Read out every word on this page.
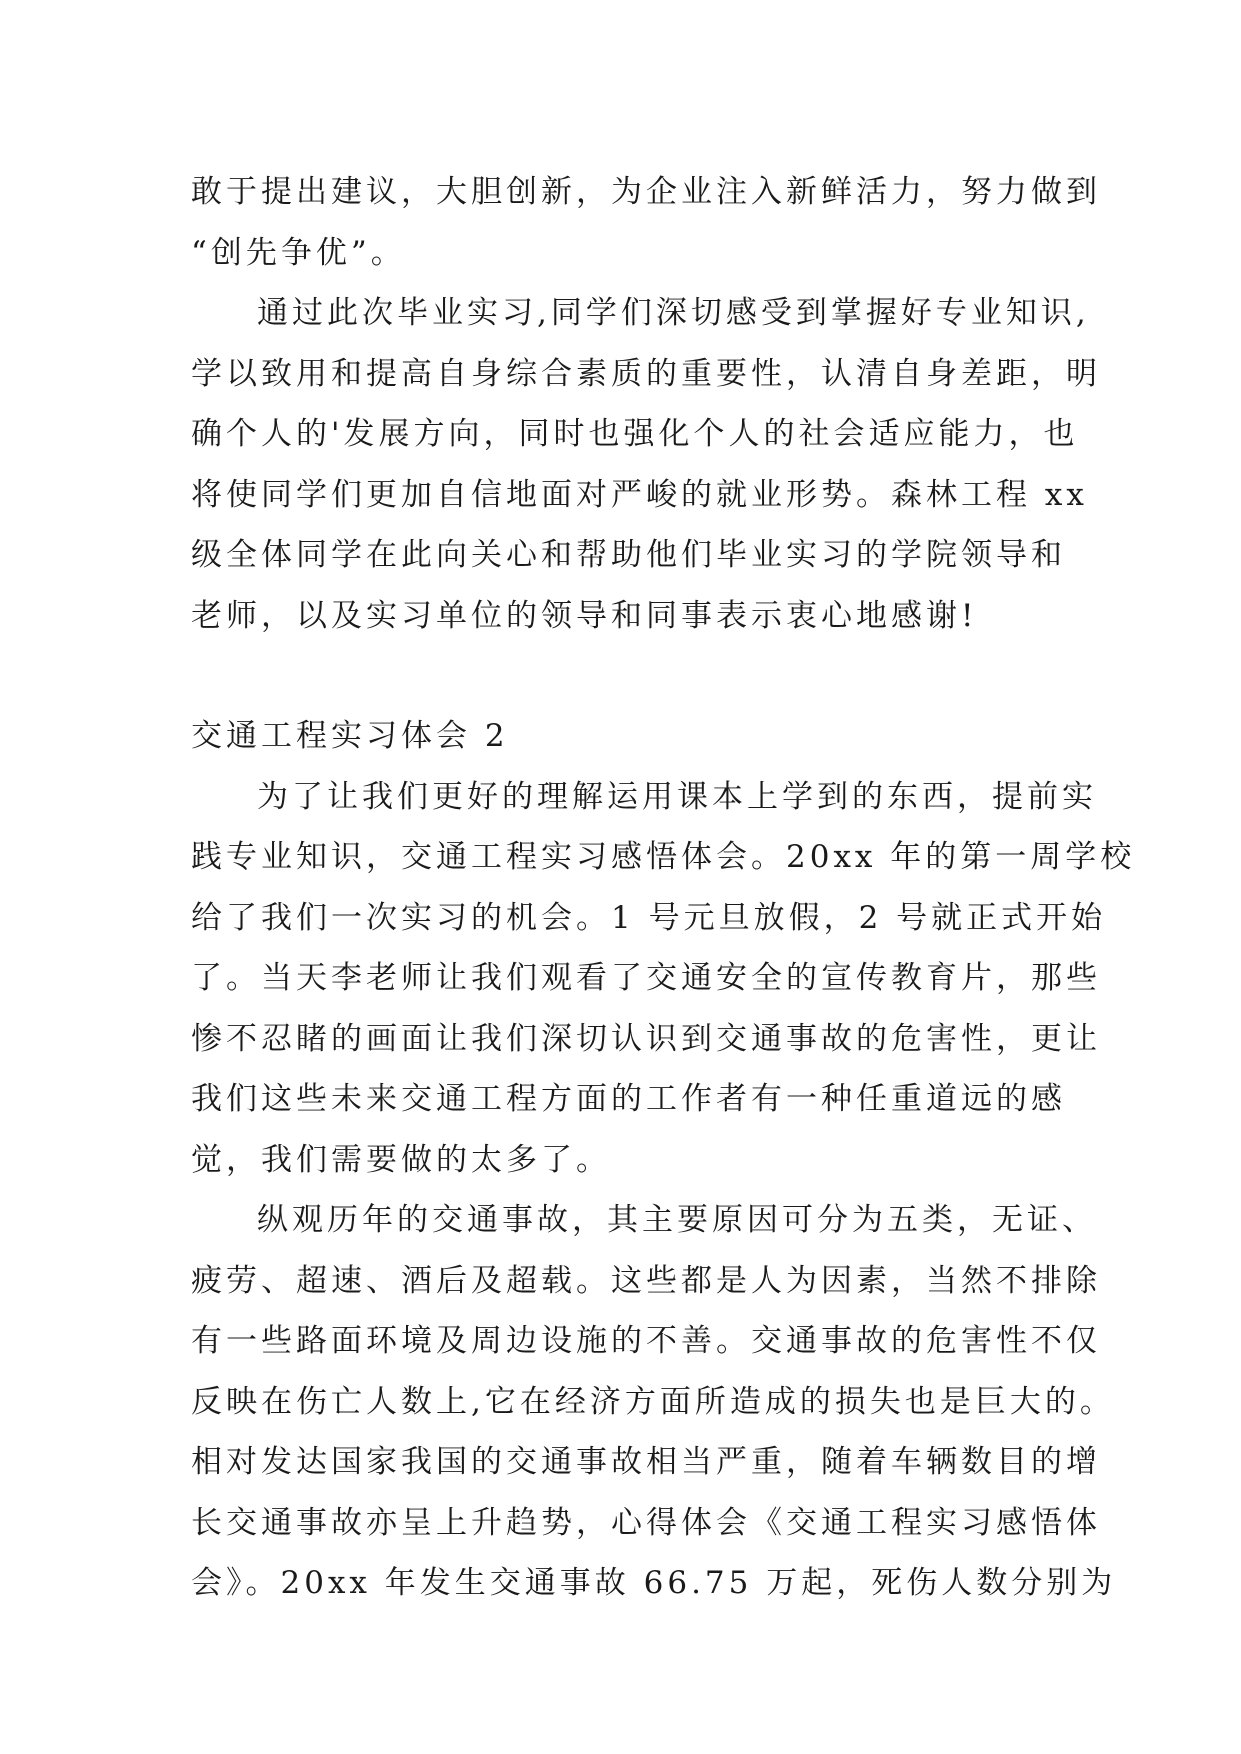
敢于提出建议，大胆创新，为企业注入新鲜活力，努力做到
“创先争优”。
通过此次毕业实习,同学们深切感受到掌握好专业知识,
学以致用和提高自身综合素质的重要性，认清自身差距，明
确个人的'发展方向，同时也强化个人的社会适应能力，也
将使同学们更加自信地面对严峻的就业形势。森林工程 xx
级全体同学在此向关心和帮助他们毕业实习的学院领导和
老师，以及实习单位的领导和同事表示衷心地感谢!
交通工程实习体会 2
为了让我们更好的理解运用课本上学到的东西，提前实
践专业知识，交通工程实习感悟体会。20xx 年的第一周学校
给了我们一次实习的机会。1 号元旦放假，2 号就正式开始
了。当天李老师让我们观看了交通安全的宣传教育片，那些
惨不忍睹的画面让我们深切认识到交通事故的危害性，更让
我们这些未来交通工程方面的工作者有一种任重道远的感
觉，我们需要做的太多了。
纵观历年的交通事故，其主要原因可分为五类，无证、
疲劳、超速、酒后及超载。这些都是人为因素，当然不排除
有一些路面环境及周边设施的不善。交通事故的危害性不仅
反映在伤亡人数上,它在经济方面所造成的损失也是巨大的。
相对发达国家我国的交通事故相当严重，随着车辆数目的增
长交通事故亦呈上升趋势，心得体会《交通工程实习感悟体
会》。20xx 年发生交通事故 66.75 万起，死伤人数分别为
